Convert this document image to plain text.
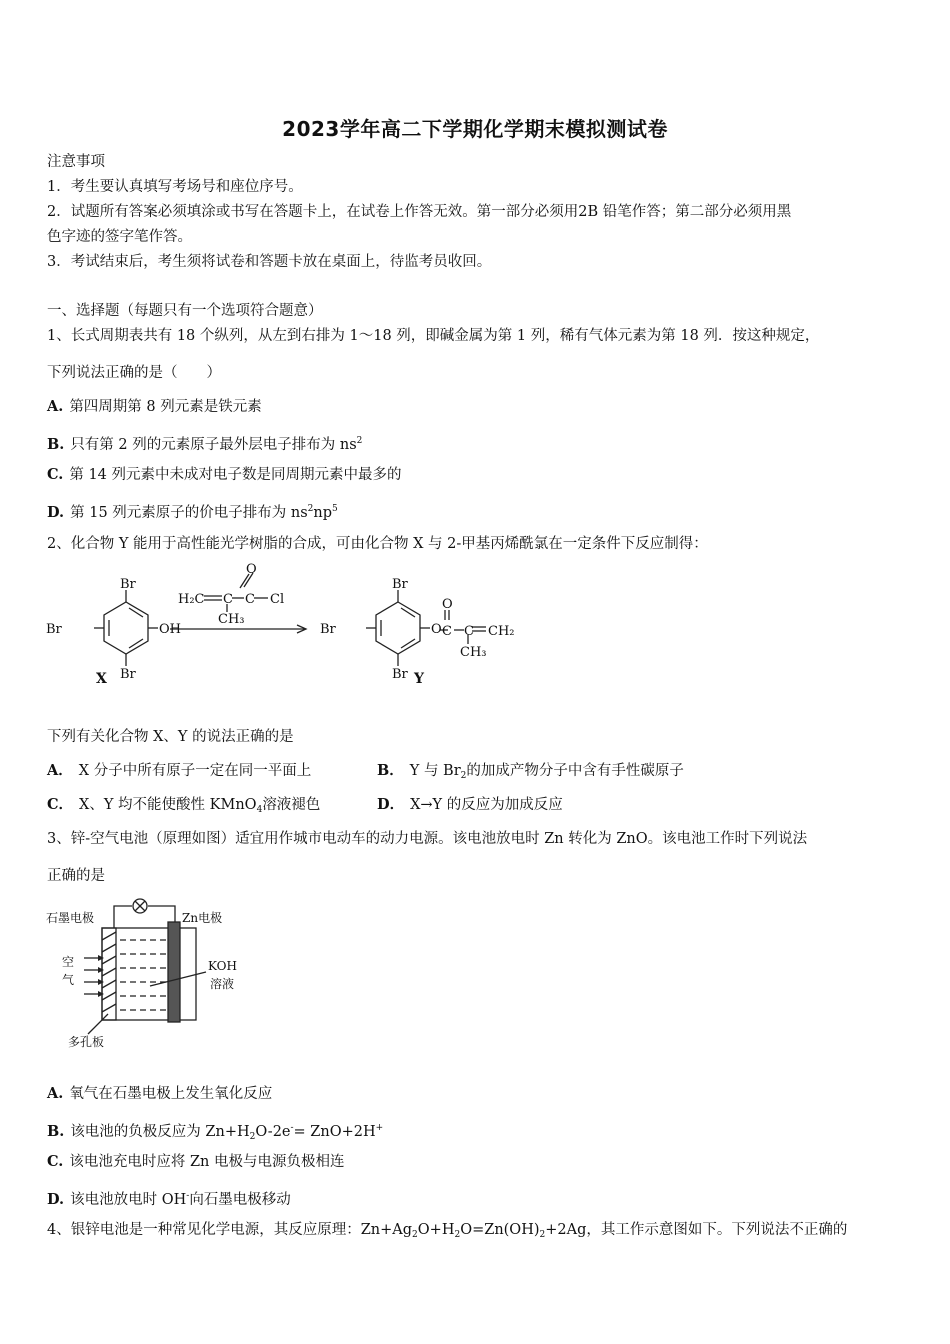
2023学年高二下学期化学期末模拟测试卷
注意事项
1．考生要认真填写考场号和座位序号。
2．试题所有答案必须填涂或书写在答题卡上，在试卷上作答无效。第一部分必须用2B 铅笔作答；第二部分必须用黑
色字迹的签字笔作答。
3．考试结束后，考生须将试卷和答题卡放在桌面上，待监考员收回。
一、选择题（每题只有一个选项符合题意）
1、长式周期表共有 18 个纵列，从左到右排为 1～18 列，即碱金属为第 1 列，稀有气体元素为第 18 列．按这种规定，
下列说法正确的是（　　）
A. 第四周期第 8 列元素是铁元素
B. 只有第 2 列的元素原子最外层电子排布为 $ns^2$
C. 第 14 列元素中未成对电子数是同周期元素中最多的
D. 第 15 列元素原子的价电子排布为 $ns^2np^5$
2、化合物 Y 能用于高性能光学树脂的合成，可由化合物 X 与 2-甲基丙烯酰氯在一定条件下反应制得：
Br
Br
Br	OH
X
H₂C C C
O
Cl
CH₃
Br
Br
Br	O
O
C C CH₂
CH₃
Y
下列有关化合物 X、Y 的说法正确的是
A． X 分子中所有原子一定在同一平面上	B． Y 与 $Br_2$的加成产物分子中含有手性碳原子
C． X、Y 均不能使酸性 KMnO$_4$溶液褪色	D． X→Y 的反应为加成反应
3、锌-空气电池（原理如图）适宜用作城市电动车的动力电源。该电池放电时 Zn 转化为 ZnO。该电池工作时下列说法
正确的是
石墨电极	Zn电极
空
气
KOH
溶液
多孔板
A. 氧气在石墨电极上发生氧化反应
B. 该电池的负极反应为 $Zn+H_2O-2e^-= ZnO+2H^+$
C. 该电池充电时应将 Zn 电极与电源负极相连
D. 该电池放电时 OH-向石墨电极移动
4、银锌电池是一种常见化学电源，其反应原理：$Zn+Ag_2O+H_2O=Zn(OH)_2+2Ag$，其工作示意图如下。下列说法不正确的
